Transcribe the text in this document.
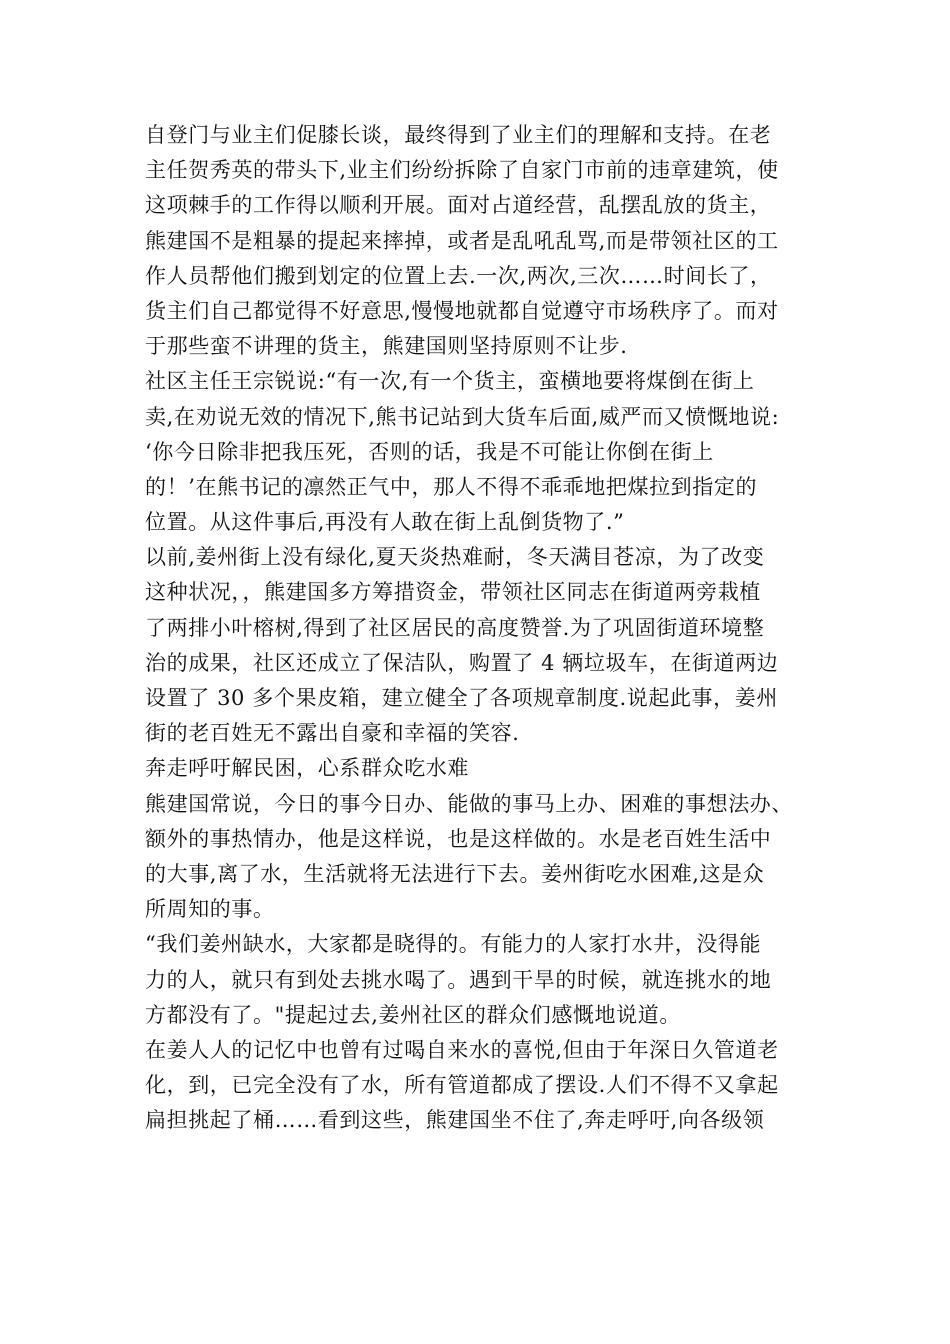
自登门与业主们促膝长谈，最终得到了业主们的理解和支持。在老
主任贺秀英的带头下,业主们纷纷拆除了自家门市前的违章建筑，使
这项棘手的工作得以顺利开展。面对占道经营，乱摆乱放的货主，
熊建国不是粗暴的提起来摔掉，或者是乱吼乱骂,而是带领社区的工
作人员帮他们搬到划定的位置上去.一次,两次,三次……时间长了，
货主们自己都觉得不好意思,慢慢地就都自觉遵守市场秩序了。而对
于那些蛮不讲理的货主，熊建国则坚持原则不让步.
社区主任王宗锐说:“有一次,有一个货主，蛮横地要将煤倒在街上
卖,在劝说无效的情况下,熊书记站到大货车后面,威严而又愤慨地说:
‘你今日除非把我压死，否则的话，我是不可能让你倒在街上
的！’在熊书记的凛然正气中，那人不得不乖乖地把煤拉到指定的
位置。从这件事后,再没有人敢在街上乱倒货物了.”
以前,姜州街上没有绿化,夏天炎热难耐，冬天满目苍凉，为了改变
这种状况，，熊建国多方筹措资金，带领社区同志在街道两旁栽植
了两排小叶榕树,得到了社区居民的高度赞誉.为了巩固街道环境整
治的成果，社区还成立了保洁队，购置了 4 辆垃圾车，在街道两边
设置了 30 多个果皮箱，建立健全了各项规章制度.说起此事，姜州
街的老百姓无不露出自豪和幸福的笑容.
奔走呼吁解民困，心系群众吃水难
熊建国常说，今日的事今日办、能做的事马上办、困难的事想法办、
额外的事热情办，他是这样说，也是这样做的。水是老百姓生活中
的大事,离了水，生活就将无法进行下去。姜州街吃水困难,这是众
所周知的事。
“我们姜州缺水，大家都是晓得的。有能力的人家打水井，没得能
力的人，就只有到处去挑水喝了。遇到干旱的时候，就连挑水的地
方都没有了。"提起过去,姜州社区的群众们感慨地说道。
在姜人人的记忆中也曾有过喝自来水的喜悦,但由于年深日久管道老
化，到，已完全没有了水，所有管道都成了摆设.人们不得不又拿起
扁担挑起了桶……看到这些，熊建国坐不住了,奔走呼吁,向各级领
